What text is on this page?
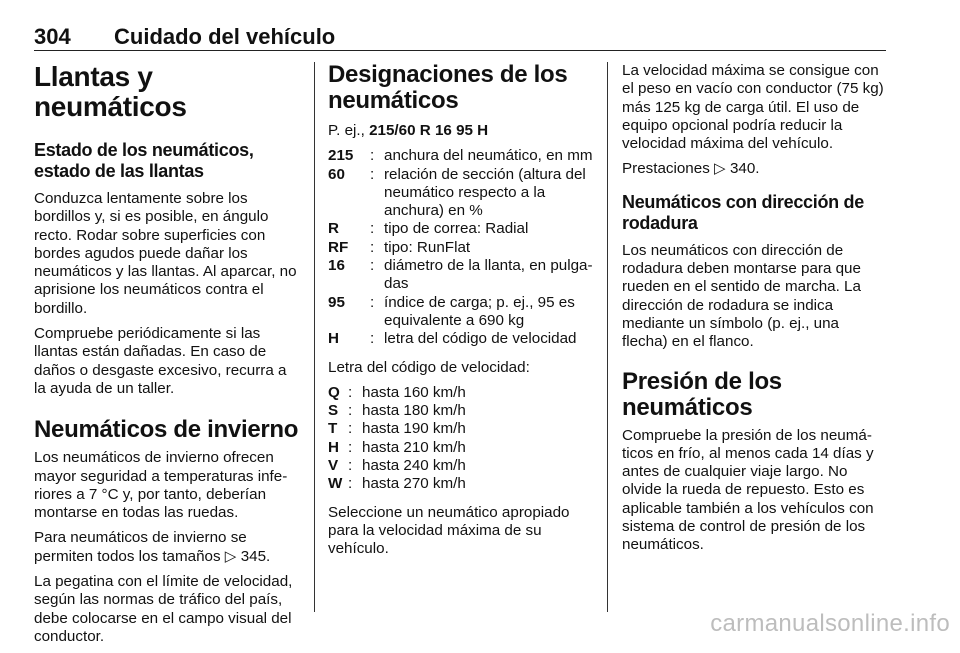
304 Cuidado del vehículo
Llantas y neumáticos
Estado de los neumáticos, estado de las llantas

Conduzca lentamente sobre los bordillos y, si es posible, en ángulo recto. Rodar sobre superficies con bordes agudos puede dañar los neumáticos y las llantas. Al aparcar, no aprisione los neumáticos contra el bordillo.

Compruebe periódicamente si las llantas están dañadas. En caso de daños o desgaste excesivo, recurra a la ayuda de un taller.

Neumáticos de invierno

Los neumáticos de invierno ofrecen mayor seguridad a temperaturas inferiores a 7 °C y, por tanto, deberían montarse en todas las ruedas.

Para neumáticos de invierno se permiten todos los tamaños ▷ 345.

La pegatina con el límite de velocidad, según las normas de tráfico del país, debe colocarse en el campo visual del conductor.

Designaciones de los neumáticos

P. ej., 215/60 R 16 95 H

215	: anchura del neumático, en mm
60	: relación de sección (altura del neumático respecto a la anchura) en %
R	: tipo de correa: Radial
RF	: tipo: RunFlat
16	: diámetro de la llanta, en pulgadas
95	: índice de carga; p. ej., 95 es equivalente a 690 kg
H	: letra del código de velocidad

Letra del código de velocidad:

Q : hasta 160 km/h
S : hasta 180 km/h
T : hasta 190 km/h
H : hasta 210 km/h
V : hasta 240 km/h
W : hasta 270 km/h

Seleccione un neumático apropiado para la velocidad máxima de su vehículo.

La velocidad máxima se consigue con el peso en vacío con conductor (75 kg) más 125 kg de carga útil. El uso de equipo opcional podría reducir la velocidad máxima del vehículo.

Prestaciones ▷ 340.

Neumáticos con dirección de rodadura

Los neumáticos con dirección de rodadura deben montarse para que rueden en el sentido de marcha. La dirección de rodadura se indica mediante un símbolo (p. ej., una flecha) en el flanco.

Presión de los neumáticos

Compruebe la presión de los neumáticos en frío, al menos cada 14 días y antes de cualquier viaje largo. No olvide la rueda de repuesto. Esto es aplicable también a los vehículos con sistema de control de presión de los neumáticos.

carmanualsonline.info
